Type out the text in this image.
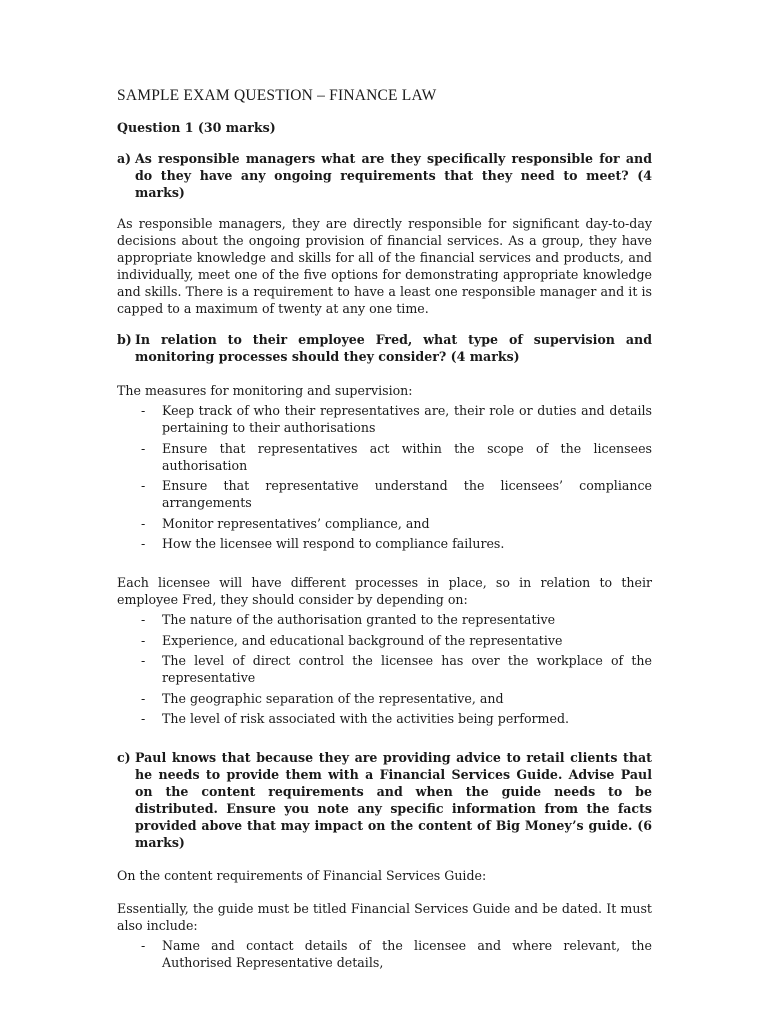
SAMPLE EXAM QUESTION – FINANCE LAW

Question 1 (30 marks)

a) As responsible managers what are they specifically responsible for and do they have any ongoing requirements that they need to meet? (4 marks)

As responsible managers, they are directly responsible for significant day-to-day decisions about the ongoing provision of financial services. As a group, they have appropriate knowledge and skills for all of the financial services and products, and individually, meet one of the five options for demonstrating appropriate knowledge and skills. There is a requirement to have a least one responsible manager and it is capped to a maximum of twenty at any one time.

b) In relation to their employee Fred, what type of supervision and monitoring processes should they consider? (4 marks)

The measures for monitoring and supervision:

- Keep track of who their representatives are, their role or duties and details pertaining to their authorisations
- Ensure that representatives act within the scope of the licensees authorisation
- Ensure that representative understand the licensees’ compliance arrangements
- Monitor representatives’ compliance, and
- How the licensee will respond to compliance failures.

Each licensee will have different processes in place, so in relation to their employee Fred, they should consider by depending on:

- The nature of the authorisation granted to the representative
- Experience, and educational background of the representative
- The level of direct control the licensee has over the workplace of the representative
- The geographic separation of the representative, and
- The level of risk associated with the activities being performed.
c) Paul knows that because they are providing advice to retail clients that he needs to provide them with a Financial Services Guide. Advise Paul on the content requirements and when the guide needs to be distributed. Ensure you note any specific information from the facts provided above that may impact on the content of Big Money’s guide. (6 marks)

On the content requirements of Financial Services Guide:

Essentially, the guide must be titled Financial Services Guide and be dated. It must also include:

- Name and contact details of the licensee and where relevant, the Authorised Representative details,
